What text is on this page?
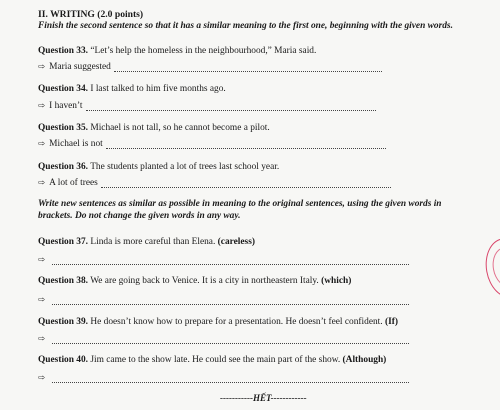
II. WRITING (2.0 points)
Finish the second sentence so that it has a similar meaning to the first one, beginning with the given words.
Question 33. “Let’s help the homeless in the neighbourhood,” Maria said.
⇨ Maria suggested
Question 34. I last talked to him five months ago.
⇨ I haven’t
Question 35. Michael is not tall, so he cannot become a pilot.
⇨ Michael is not
Question 36. The students planted a lot of trees last school year.
⇨ A lot of trees
Write new sentences as similar as possible in meaning to the original sentences, using the given words in brackets. Do not change the given words in any way.
Question 37. Linda is more careful than Elena. (careless)
⇨
Question 38. We are going back to Venice. It is a city in northeastern Italy. (which)
⇨
Question 39. He doesn’t know how to prepare for a presentation. He doesn’t feel confident. (If)
⇨
Question 40. Jim came to the show late. He could see the main part of the show. (Although)
⇨
-----------HẾT------------
